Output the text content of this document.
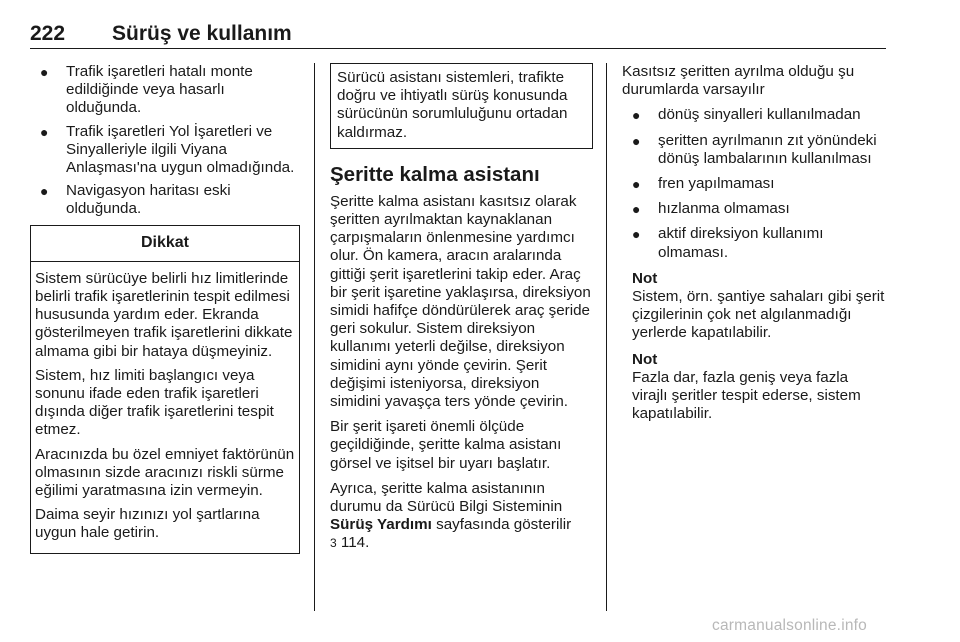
222 Sürüş ve kullanım
● Trafik işaretleri hatalı monte edildiğinde veya hasarlı olduğunda.
● Trafik işaretleri Yol İşaretleri ve Sinyalleriyle ilgili Viyana Anlaşması'na uygun olmadığında.
● Navigasyon haritası eski olduğunda.
Dikkat

Sistem sürücüye belirli hız limitlerinde belirli trafik işaretlerinin tespit edilmesi hususunda yardım eder. Ekranda gösterilmeyen trafik işaretlerini dikkate almama gibi bir hataya düşmeyiniz.

Sistem, hız limiti başlangıcı veya sonunu ifade eden trafik işaretleri dışında diğer trafik işaretlerini tespit etmez.

Aracınızda bu özel emniyet faktörünün olmasının sizde aracınızı riskli sürme eğilimi yaratmasına izin vermeyin.

Daima seyir hızınızı yol şartlarına uygun hale getirin.

Sürücü asistanı sistemleri, trafikte doğru ve ihtiyatlı sürüş konusunda sürücünün sorumluluğunu ortadan kaldırmaz.
Şeritte kalma asistanı

Şeritte kalma asistanı kasıtsız olarak şeritten ayrılmaktan kaynaklanan çarpışmaların önlenmesine yardımcı olur. Ön kamera, aracın aralarında gittiği şerit işaretlerini takip eder. Araç bir şerit işaretine yaklaşırsa, direksiyon simidi hafifçe döndürülerek araç şeride geri sokulur. Sistem direksiyon kullanımı yeterli değilse, direksiyon simidini aynı yönde çevirin. Şerit değişimi isteniyorsa, direksiyon simidini yavaşça ters yönde çevirin.

Bir şerit işareti önemli ölçüde geçildiğinde, şeritte kalma asistanı görsel ve işitsel bir uyarı başlatır.

Ayrıca, şeritte kalma asistanının durumu da Sürücü Bilgi Sisteminin
Sürüş Yardımı sayfasında gösterilir
3 114.

Kasıtsız şeritten ayrılma olduğu şu durumlarda varsayılır

● dönüş sinyalleri kullanılmadan
● şeritten ayrılmanın zıt yönündeki dönüş lambalarının kullanılması
● fren yapılmaması
● hızlanma olmaması
● aktif direksiyon kullanımı olmaması.
Not
Sistem, örn. şantiye sahaları gibi şerit çizgilerinin çok net algılanmadığı yerlerde kapatılabilir.
Not
Fazla dar, fazla geniş veya fazla virajlı şeritler tespit ederse, sistem kapatılabilir.
carmanualsonline.info
